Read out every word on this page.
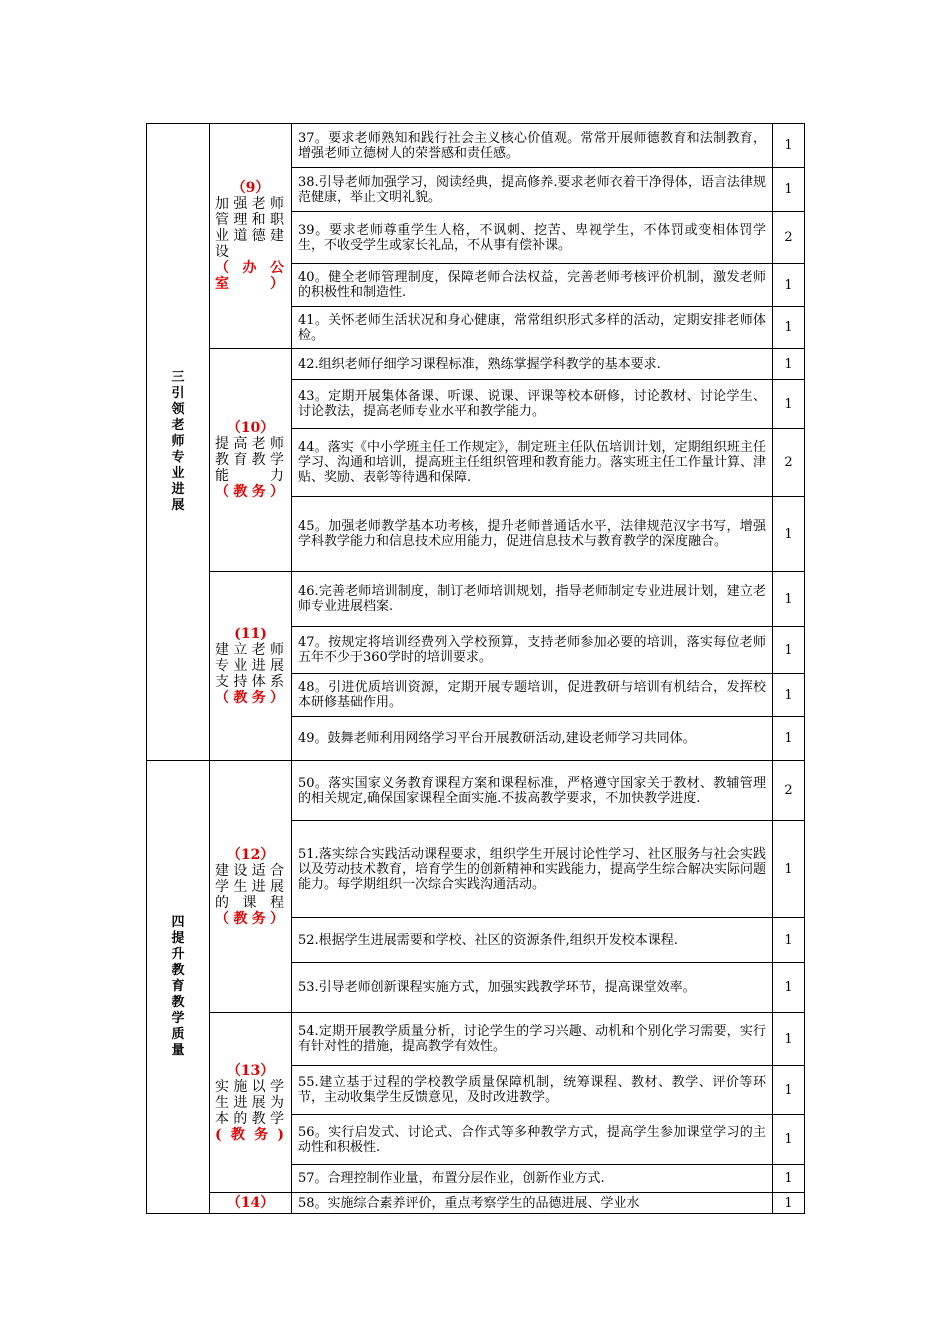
三引领老师专业进展	（9）
加强老师管理和职业道德建设
（办公室）	37。要求老师熟知和践行社会主义核心价值观。常常开展师德教育和法制教育，增强老师立德树人的荣誉感和责任感。	1
		38.引导老师加强学习，阅读经典，提高修养.要求老师衣着干净得体，语言法律规范健康，举止文明礼貌。	1
		39。要求老师尊重学生人格，不讽刺、挖苦、卑视学生，不体罚或变相体罚学生，不收受学生或家长礼品，不从事有偿补课。	2
		40。健全老师管理制度，保障老师合法权益，完善老师考核评价机制，激发老师的积极性和制造性.	1
		41。关怀老师生活状况和身心健康，常常组织形式多样的活动，定期安排老师体检。	1

	（10）
提高老师教育教学能力
（教务）	42.组织老师仔细学习课程标准，熟练掌握学科教学的基本要求.	1
		43。定期开展集体备课、听课、说课、评课等校本研修，讨论教材、讨论学生、讨论教法，提高老师专业水平和教学能力。	1
		44。落实《中小学班主任工作规定》，制定班主任队伍培训计划，定期组织班主任学习、沟通和培训，提高班主任组织管理和教育能力。落实班主任工作量计算、津贴、奖励、表彰等待遇和保障.	2
		45。加强老师教学基本功考核，提升老师普通话水平，法律规范汉字书写，增强学科教学能力和信息技术应用能力，促进信息技术与教育教学的深度融合。	1

	(11)
建立老师专业进展支持体系
（教务）	46.完善老师培训制度，制订老师培训规划，指导老师制定专业进展计划，建立老师专业进展档案.	1
		47。按规定将培训经费列入学校预算，支持老师参加必要的培训，落实每位老师五年不少于360学时的培训要求。	1
		48。引进优质培训资源，定期开展专题培训，促进教研与培训有机结合，发挥校本研修基础作用。	1
		49。鼓舞老师利用网络学习平台开展教研活动,建设老师学习共同体。	1

四提升教育教学质量	（12）
建设适合学生进展的课程
（教务）	50。落实国家义务教育课程方案和课程标准，严格遵守国家关于教材、教辅管理的相关规定,确保国家课程全面实施.不拔高教学要求，不加快教学进度.	2
		51.落实综合实践活动课程要求，组织学生开展讨论性学习、社区服务与社会实践以及劳动技术教育，培育学生的创新精神和实践能力，提高学生综合解决实际问题能力。每学期组织一次综合实践沟通活动。	1
		52.根据学生进展需要和学校、社区的资源条件,组织开发校本课程.	1
		53.引导老师创新课程实施方式，加强实践教学环节，提高课堂效率。	1

	（13）
实施以学生进展为本的教学
(教务)	54.定期开展教学质量分析，讨论学生的学习兴趣、动机和个别化学习需要，实行有针对性的措施，提高教学有效性。	1
		55.建立基于过程的学校教学质量保障机制，统筹课程、教材、教学、评价等环节，主动收集学生反馈意见，及时改进教学。	1
		56。实行启发式、讨论式、合作式等多种教学方式，提高学生参加课堂学习的主动性和积极性.	1
		57。合理控制作业量，布置分层作业，创新作业方式.	1

	（14）	58。实施综合素养评价，重点考察学生的品德进展、学业水	1
